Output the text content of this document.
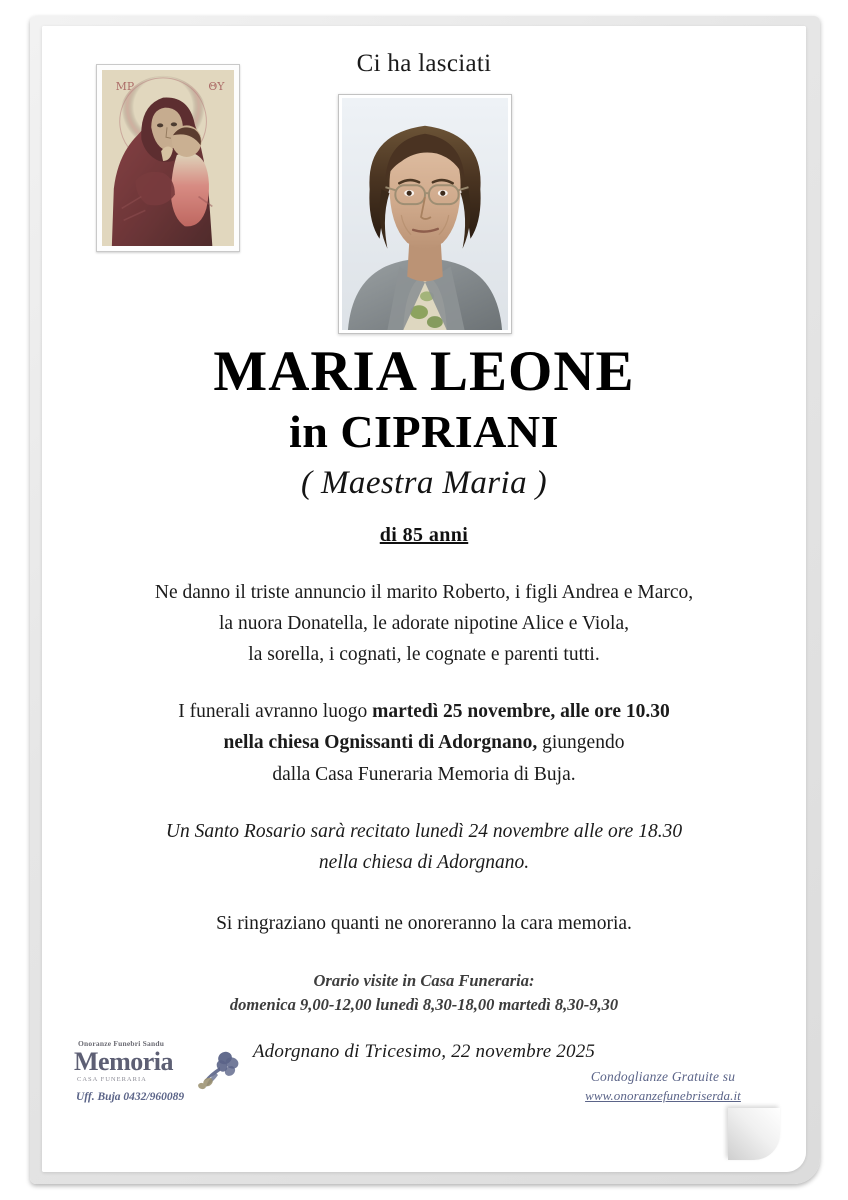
Ci ha lasciati
ΜP	ΘY
MARIA LEONE
in CIPRIANI
( Maestra Maria )
di 85 anni
Ne danno il triste annuncio il marito Roberto, i figli Andrea e Marco,
la nuora Donatella, le adorate nipotine Alice e Viola,
la sorella, i cognati, le cognate e parenti tutti.
I funerali avranno luogo martedì 25 novembre, alle ore 10.30
nella chiesa Ognissanti di Adorgnano, giungendo
dalla Casa Funeraria Memoria di Buja.
Un Santo Rosario sarà recitato lunedì 24 novembre alle ore 18.30
nella chiesa di Adorgnano.
Si ringraziano quanti ne onoreranno la cara memoria.
Orario visite in Casa Funeraria:
domenica 9,00-12,00 lunedì 8,30-18,00 martedì 8,30-9,30
Onoranze Funebri Sandu
Memoria
CASA FUNERARIA
Uff. Buja 0432/960089
Adorgnano di Tricesimo, 22 novembre 2025
Condoglianze Gratuite su
www.onoranzefunebriserda.it
